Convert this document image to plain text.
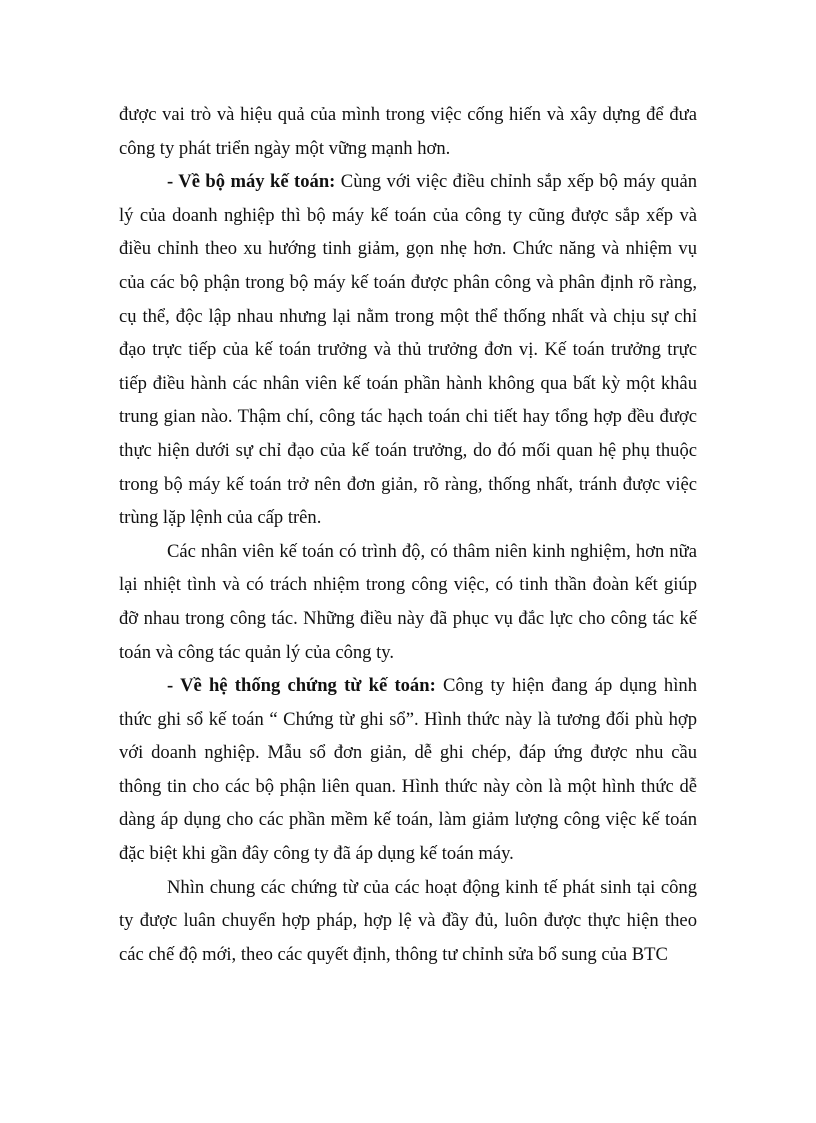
được vai trò và hiệu quả của mình trong việc cống hiến và xây dựng để đưa công ty phát triển ngày một vững mạnh hơn.

- Về bộ máy kế toán: Cùng với việc điều chỉnh sắp xếp bộ máy quản lý của doanh nghiệp thì bộ máy kế toán của công ty cũng được sắp xếp và điều chỉnh theo xu hướng tinh giảm, gọn nhẹ hơn. Chức năng và nhiệm vụ của các bộ phận trong bộ máy kế toán được phân công và phân định rõ ràng, cụ thể, độc lập nhau nhưng lại nằm trong một thể thống nhất và chịu sự chỉ đạo trực tiếp của kế toán trưởng và thủ trưởng đơn vị. Kế toán trưởng trực tiếp điều hành các nhân viên kế toán phần hành không qua bất kỳ một khâu trung gian nào. Thậm chí, công tác hạch toán chi tiết hay tổng hợp đều được thực hiện dưới sự chỉ đạo của kế toán trưởng, do đó mối quan hệ phụ thuộc trong bộ máy kế toán trở nên đơn giản, rõ ràng, thống nhất, tránh được việc trùng lặp lệnh của cấp trên.

Các nhân viên kế toán có trình độ, có thâm niên kinh nghiệm, hơn nữa lại nhiệt tình và có trách nhiệm trong công việc, có tinh thần đoàn kết giúp đỡ nhau trong công tác. Những điều này đã phục vụ đắc lực cho công tác kế toán và công tác quản lý của công ty.

- Về hệ thống chứng từ kế toán: Công ty hiện đang áp dụng hình thức ghi sổ kế toán “ Chứng từ ghi sổ”. Hình thức này là tương đối phù hợp với doanh nghiệp. Mẫu sổ đơn giản, dễ ghi chép, đáp ứng được nhu cầu thông tin cho các bộ phận liên quan. Hình thức này còn là một hình thức dễ dàng áp dụng cho các phần mềm kế toán, làm giảm lượng công việc kế toán đặc biệt khi gần đây công ty đã áp dụng kế toán máy.

Nhìn chung các chứng từ của các hoạt động kinh tế phát sinh tại công ty được luân chuyển hợp pháp, hợp lệ và đầy đủ, luôn được thực hiện theo các chế độ mới, theo các quyết định, thông tư chỉnh sửa bổ sung của BTC
